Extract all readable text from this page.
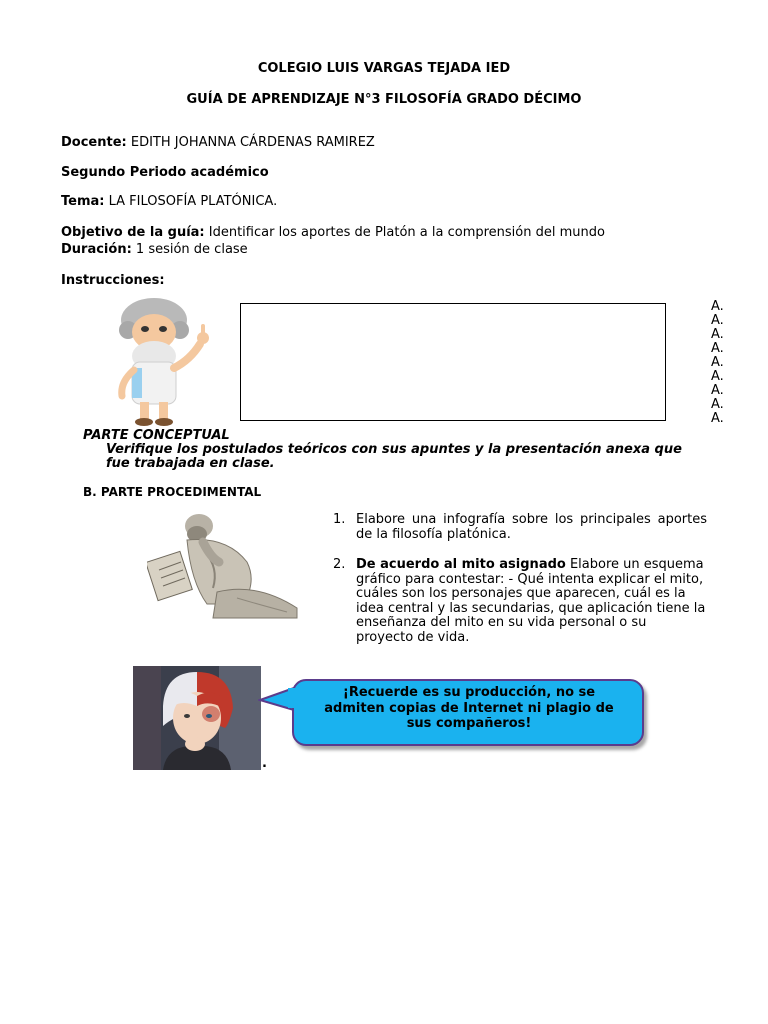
COLEGIO LUIS VARGAS TEJADA IED
GUÍA DE APRENDIZAJE N°3 FILOSOFÍA GRADO DÉCIMO
Docente: EDITH JOHANNA CÁRDENAS RAMIREZ
Segundo Periodo académico
Tema: LA FILOSOFÍA PLATÓNICA.
Objetivo de la guía: Identificar los aportes de Platón a la comprensión del mundo
Duración: 1 sesión de clase
Instrucciones:
A.
A.
A.
A.
A.
A.
A.
A.
A.
PARTE CONCEPTUAL
Verifique los postulados teóricos con sus apuntes y la presentación anexa que fue trabajada en clase.
B. PARTE PROCEDIMENTAL
1. Elabore una infografía sobre los principales aportes de la filosofía platónica.
2. De acuerdo al mito asignado Elabore un esquema gráfico para contestar: - Qué intenta explicar el mito, cuáles son los personajes que aparecen, cuál es la idea central y las secundarias, que aplicación tiene la enseñanza del mito en su vida personal o su proyecto de vida.
¡Recuerde es su producción, no se admiten copias de Internet ni plagio de sus compañeros!
.
